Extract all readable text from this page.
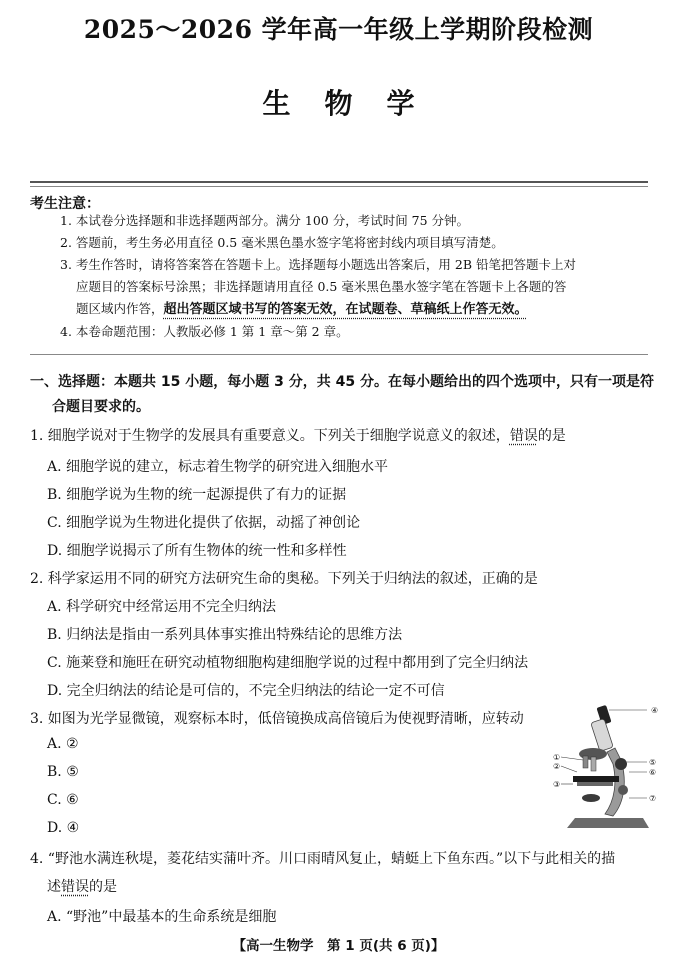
2025～2026 学年高一年级上学期阶段检测
生物学
考生注意：
1. 本试卷分选择题和非选择题两部分。满分 100 分，考试时间 75 分钟。
2. 答题前，考生务必用直径 0.5 毫米黑色墨水签字笔将密封线内项目填写清楚。
3. 考生作答时，请将答案答在答题卡上。选择题每小题选出答案后，用 2B 铅笔把答题卡上对
应题目的答案标号涂黑；非选择题请用直径 0.5 毫米黑色墨水签字笔在答题卡上各题的答
题区域内作答，超出答题区域书写的答案无效，在试题卷、草稿纸上作答无效。
4. 本卷命题范围：人教版必修 1 第 1 章～第 2 章。
一、选择题：本题共 15 小题，每小题 3 分，共 45 分。在每小题给出的四个选项中，只有一项是符
合题目要求的。
1. 细胞学说对于生物学的发展具有重要意义。下列关于细胞学说意义的叙述，错误的是
A. 细胞学说的建立，标志着生物学的研究进入细胞水平
B. 细胞学说为生物的统一起源提供了有力的证据
C. 细胞学说为生物进化提供了依据，动摇了神创论
D. 细胞学说揭示了所有生物体的统一性和多样性
2. 科学家运用不同的研究方法研究生命的奥秘。下列关于归纳法的叙述，正确的是
A. 科学研究中经常运用不完全归纳法
B. 归纳法是指由一系列具体事实推出特殊结论的思维方法
C. 施莱登和施旺在研究动植物细胞构建细胞学说的过程中都用到了完全归纳法
D. 完全归纳法的结论是可信的，不完全归纳法的结论一定不可信
3. 如图为光学显微镜，观察标本时，低倍镜换成高倍镜后为使视野清晰，应转动
A. ②
B. ⑤
C. ⑥
D. ④
④
⑤
①
②
⑥
③
⑦
4. “野池水满连秋堤，菱花结实蒲叶齐。川口雨晴风复止，蜻蜓上下鱼东西。”以下与此相关的描
述错误的是
A. “野池”中最基本的生命系统是细胞
【高一生物学　第 1 页(共 6 页)】
